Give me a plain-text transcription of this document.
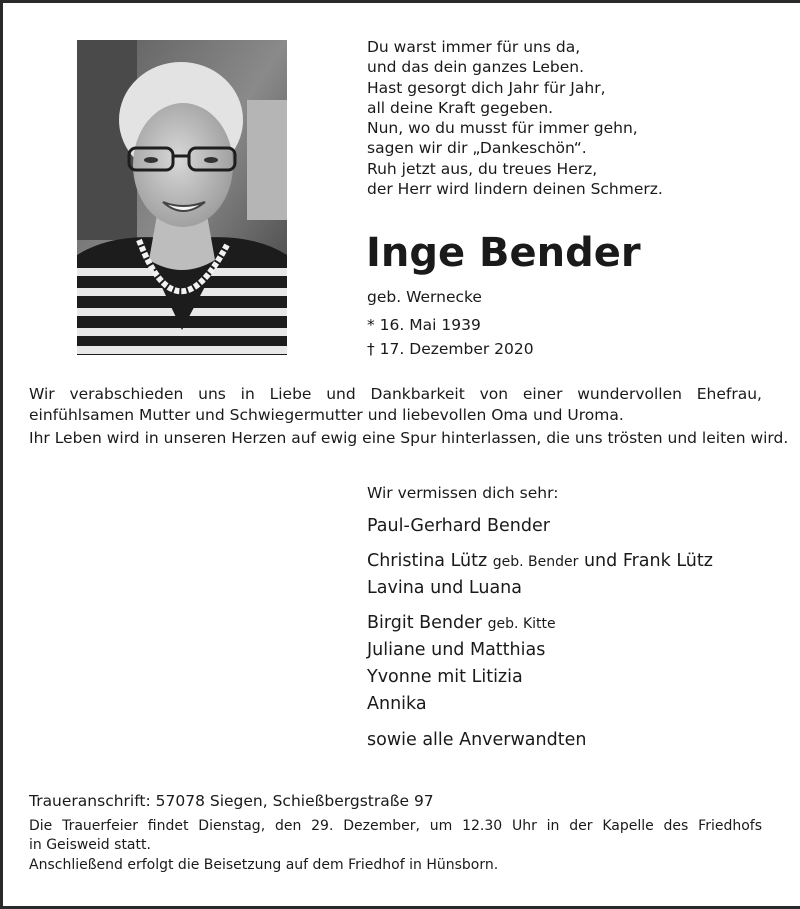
Du warst immer für uns da,
und das dein ganzes Leben.
Hast gesorgt dich Jahr für Jahr,
all deine Kraft gegeben.
Nun, wo du musst für immer gehn,
sagen wir dir „Dankeschön“.
Ruh jetzt aus, du treues Herz,
der Herr wird lindern deinen Schmerz.
Inge Bender
geb. Wernecke
* 16. Mai 1939
† 17. Dezember 2020
Wir verabschieden uns in Liebe und Dankbarkeit von einer wundervollen Ehefrau,
einfühlsamen Mutter und Schwiegermutter und liebevollen Oma und Uroma.
Ihr Leben wird in unseren Herzen auf ewig eine Spur hinterlassen, die uns trösten und leiten wird.
Wir vermissen dich sehr:
Paul-Gerhard Bender
Christina Lütz geb. Bender und Frank Lütz
Lavina und Luana
Birgit Bender geb. Kitte
Juliane und Matthias
Yvonne mit Litizia
Annika
sowie alle Anverwandten
Traueranschrift: 57078 Siegen, Schießbergstraße 97
Die Trauerfeier findet Dienstag, den 29. Dezember, um 12.30 Uhr in der Kapelle des Friedhofs
in Geisweid statt.
Anschließend erfolgt die Beisetzung auf dem Friedhof in Hünsborn.
